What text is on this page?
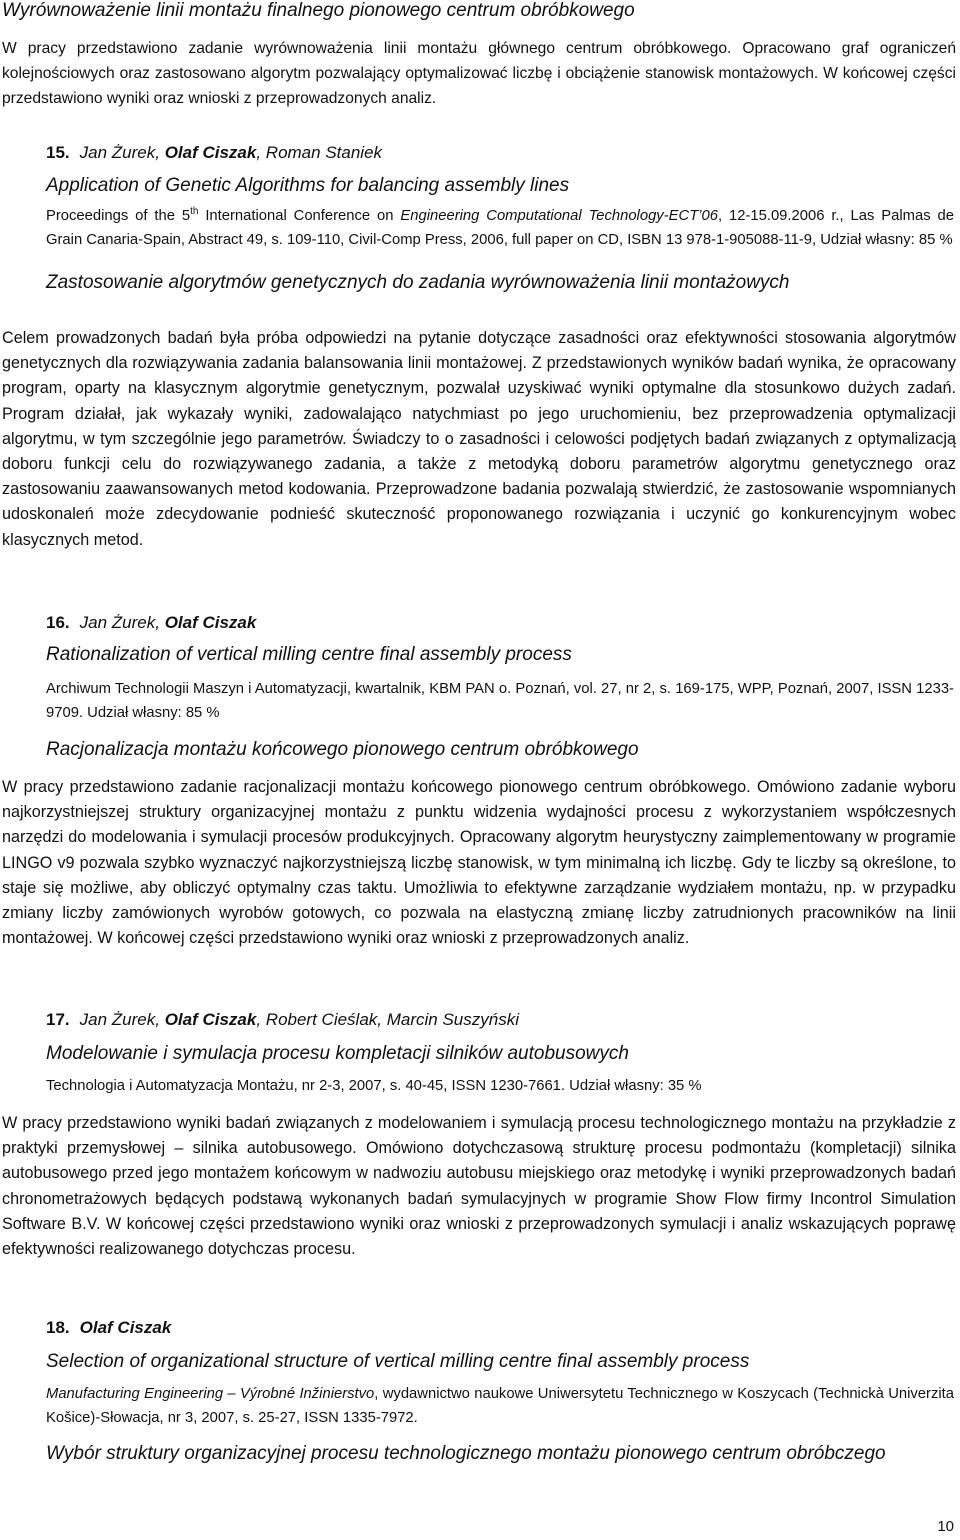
Wyrównoważenie linii montażu finalnego pionowego centrum obróbkowego
W pracy przedstawiono zadanie wyrównoważenia linii montażu głównego centrum obróbkowego. Opracowano graf ograniczeń kolejnościowych oraz zastosowano algorytm pozwalający optymalizować liczbę i obciążenie stanowisk montażowych. W końcowej części przedstawiono wyniki oraz wnioski z przeprowadzonych analiz.
15. Jan Żurek, Olaf Ciszak, Roman Staniek
Application of Genetic Algorithms for balancing assembly lines
Proceedings of the 5th International Conference on Engineering Computational Technology-ECT’06, 12-15.09.2006 r., Las Palmas de Grain Canaria-Spain, Abstract 49, s. 109-110, Civil-Comp Press, 2006, full paper on CD, ISBN 13 978-1-905088-11-9, Udział własny: 85 %
Zastosowanie algorytmów genetycznych do zadania wyrównoważenia linii montażowych
Celem prowadzonych badań była próba odpowiedzi na pytanie dotyczące zasadności oraz efektywności stosowania algorytmów genetycznych dla rozwiązywania zadania balansowania linii montażowej. Z przedstawionych wyników badań wynika, że opracowany program, oparty na klasycznym algorytmie genetycznym, pozwalał uzyskiwać wyniki optymalne dla stosunkowo dużych zadań. Program działał, jak wykazały wyniki, zadowalająco natychmiast po jego uruchomieniu, bez przeprowadzenia optymalizacji algorytmu, w tym szczególnie jego parametrów. Świadczy to o zasadności i celowości podjętych badań związanych z optymalizacją doboru funkcji celu do rozwiązywanego zadania, a także z metodyką doboru parametrów algorytmu genetycznego oraz zastosowaniu zaawansowanych metod kodowania. Przeprowadzone badania pozwalają stwierdzić, że zastosowanie wspomnianych udoskonaleń może zdecydowanie podnieść skuteczność proponowanego rozwiązania i uczynić go konkurencyjnym wobec klasycznych metod.
16. Jan Żurek, Olaf Ciszak
Rationalization of vertical milling centre final assembly process
Archiwum Technologii Maszyn i Automatyzacji, kwartalnik, KBM PAN o. Poznań, vol. 27, nr 2, s. 169-175, WPP, Poznań, 2007, ISSN 1233-9709. Udział własny: 85 %
Racjonalizacja montażu końcowego pionowego centrum obróbkowego
W pracy przedstawiono zadanie racjonalizacji montażu końcowego pionowego centrum obróbkowego. Omówiono zadanie wyboru najkorzystniejszej struktury organizacyjnej montażu z punktu widzenia wydajności procesu z wykorzystaniem współczesnych narzędzi do modelowania i symulacji procesów produkcyjnych. Opracowany algorytm heurystyczny zaimplementowany w programie LINGO v9 pozwala szybko wyznaczyć najkorzystniejszą liczbę stanowisk, w tym minimalną ich liczbę. Gdy te liczby są określone, to staje się możliwe, aby obliczyć optymalny czas taktu. Umożliwia to efektywne zarządzanie wydziałem montażu, np. w przypadku zmiany liczby zamówionych wyrobów gotowych, co pozwala na elastyczną zmianę liczby zatrudnionych pracowników na linii montażowej. W końcowej części przedstawiono wyniki oraz wnioski z przeprowadzonych analiz.
17. Jan Żurek, Olaf Ciszak, Robert Cieślak, Marcin Suszyński
Modelowanie i symulacja procesu kompletacji silników autobusowych
Technologia i Automatyzacja Montażu, nr 2-3, 2007, s. 40-45, ISSN 1230-7661. Udział własny: 35 %
W pracy przedstawiono wyniki badań związanych z modelowaniem i symulacją procesu technologicznego montażu na przykładzie z praktyki przemysłowej – silnika autobusowego. Omówiono dotychczasową strukturę procesu podmontażu (kompletacji) silnika autobusowego przed jego montażem końcowym w nadwoziu autobusu miejskiego oraz metodykę i wyniki przeprowadzonych badań chronometrażowych będących podstawą wykonanych badań symulacyjnych w programie Show Flow firmy Incontrol Simulation Software B.V. W końcowej części przedstawiono wyniki oraz wnioski z przeprowadzonych symulacji i analiz wskazujących poprawę efektywności realizowanego dotychczas procesu.
18. Olaf Ciszak
Selection of organizational structure of vertical milling centre final assembly process
Manufacturing Engineering – Výrobné Inžinierstvo, wydawnictwo naukowe Uniwersytetu Technicznego w Koszycach (Technickà Univerzita Košice)-Słowacja, nr 3, 2007, s. 25-27, ISSN 1335-7972.
Wybór struktury organizacyjnej procesu technologicznego montażu pionowego centrum obróbczego
10
